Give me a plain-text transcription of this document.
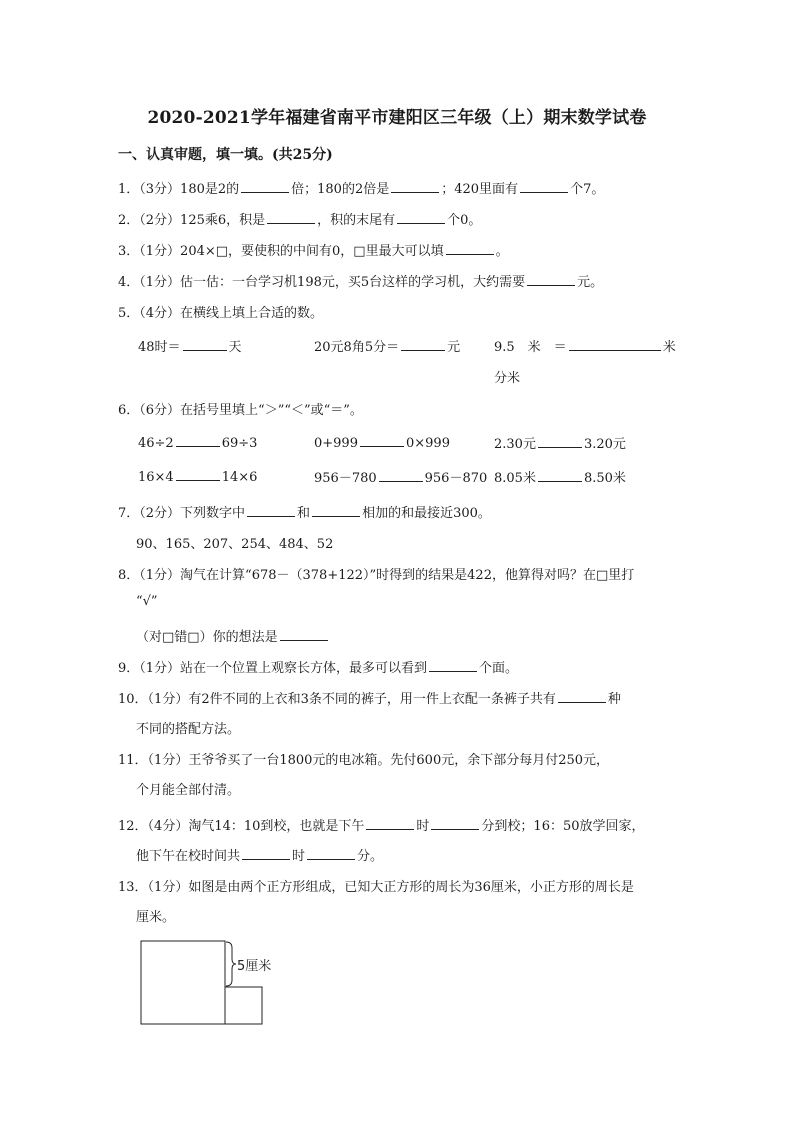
2020-2021学年福建省南平市建阳区三年级（上）期末数学试卷
一、认真审题，填一填。(共25分)
1．（3分）180是2的	倍；180的2倍是	；420里面有	个7。
2．（2分）125乘6，积是	，积的末尾有	个0。
3．（1分）204×□，要使积的中间有0，□里最大可以填	。
4．（1分）估一估：一台学习机198元，买5台这样的学习机，大约需要	元。
5．（4分）在横线上填上合适的数。
48时＝	天	20元8角5分＝	元	9.5　米　＝	米
分米
6．（6分）在括号里填上“＞”“＜”或“＝”。
46÷2	69÷3	0+999	0×999	2.30元	3.20元
16×4	14×6	956－780	956－870 8.05米	8.50米
7．（2分）下列数字中	和	相加的和最接近300。
90、165、207、254、484、52
8．（1分）淘气在计算“678－（378+122）”时得到的结果是422，他算得对吗？在□里打
“√”
（对□错□）你的想法是
9．（1分）站在一个位置上观察长方体，最多可以看到	个面。
10．（1分）有2件不同的上衣和3条不同的裤子，用一件上衣配一条裤子共有	种
不同的搭配方法。
11．（1分）王爷爷买了一台1800元的电冰箱。先付600元，余下部分每月付250元，
个月能全部付清。
12．（4分）淘气14：10到校，也就是下午	时	分到校；16：50放学回家，
他下午在校时间共	时	分。
13．（1分）如图是由两个正方形组成，已知大正方形的周长为36厘米，小正方形的周长是
厘米。
5厘米
